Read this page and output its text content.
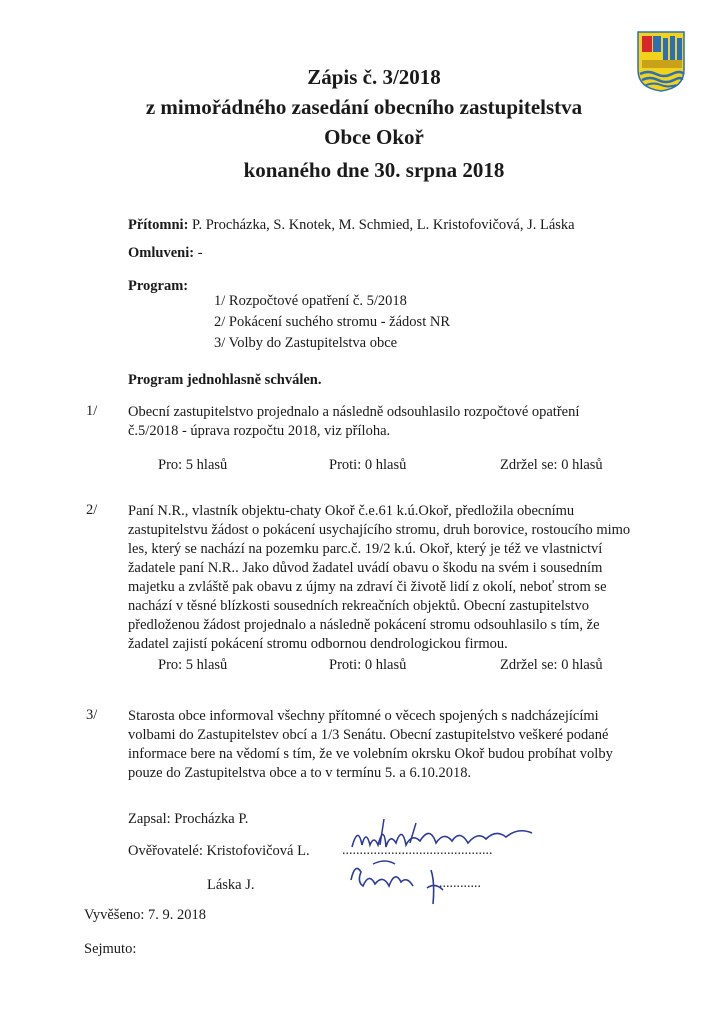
Zápis č. 3/2018
z mimořádného zasedání obecního zastupitelstva
Obce Okoř
konaného dne 30. srpna 2018
Přítomni: P. Procházka, S. Knotek, M. Schmied, L. Kristofovičová, J. Láska
Omluveni: -
Program:
1/ Rozpočtové opatření č. 5/2018
2/ Pokácení suchého stromu - žádost NR
3/ Volby do Zastupitelstva obce
Program jednohlasně schválen.
1/ Obecní zastupitelstvo projednalo a následně odsouhlasilo rozpočtové opatření
č.5/2018 - úprava rozpočtu 2018, viz příloha.
Pro: 5 hlasů	Proti: 0 hlasů	Zdržel se: 0 hlasů
2/ Paní N.R., vlastník objektu-chaty Okoř č.e.61 k.ú.Okoř, předložila obecnímu
zastupitelstvu žádost o pokácení usychajícího stromu, druh borovice, rostoucího mimo
les, který se nachází na pozemku parc.č. 19/2 k.ú. Okoř, který je též ve vlastnictví
žadatele paní N.R.. Jako důvod žadatel uvádí obavu o škodu na svém i sousedním
majetku a zvláště pak obavu z újmy na zdraví či životě lidí z okolí, neboť strom se
nachází v těsné blízkosti sousedních rekreačních objektů. Obecní zastupitelstvo
předloženou žádost projednalo a následně pokácení stromu odsouhlasilo s tím, že
žadatel zajistí pokácení stromu odbornou dendrologickou firmou.
Pro: 5 hlasů	Proti: 0 hlasů	Zdržel se: 0 hlasů
3/ Starosta obce informoval všechny přítomné o věcech spojených s nadcházejícími
volbami do Zastupitelstev obcí a 1/3 Senátu. Obecní zastupitelstvo veškeré podané
informace bere na vědomí s tím, že ve volebním okrsku Okoř budou probíhat volby
pouze do Zastupitelstva obce a to v termínu 5. a 6.10.2018.
Zapsal: Procházka P.
Ověřovatelé: Kristofovičová L. ...........................................
Láska J.	..............
Vyvěšeno: 7. 9. 2018
Sejmuto:
